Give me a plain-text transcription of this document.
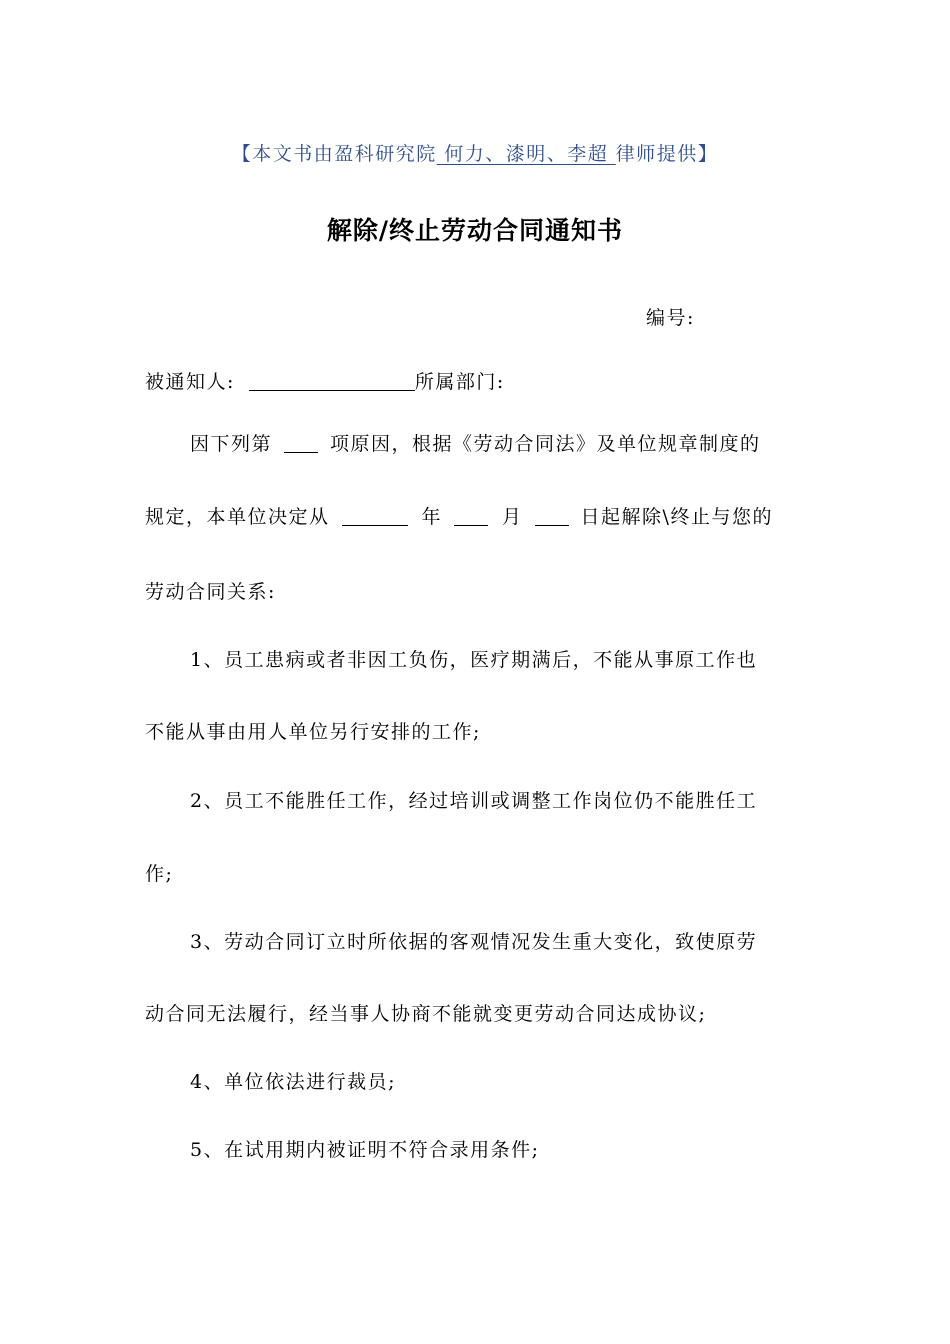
【本文书由盈科研究院 何力、漆明、李超 律师提供】
解除/终止劳动合同通知书
编号:
被通知人:	所属部门:
因下列第	项原因，根据《劳动合同法》及单位规章制度的
规定，本单位决定从	年	月	日起解除\终止与您的
劳动合同关系:
1、员工患病或者非因工负伤，医疗期满后，不能从事原工作也
不能从事由用人单位另行安排的工作;
2、员工不能胜任工作，经过培训或调整工作岗位仍不能胜任工
作;
3、劳动合同订立时所依据的客观情况发生重大变化，致使原劳
动合同无法履行，经当事人协商不能就变更劳动合同达成协议;
4、单位依法进行裁员;
5、在试用期内被证明不符合录用条件;
